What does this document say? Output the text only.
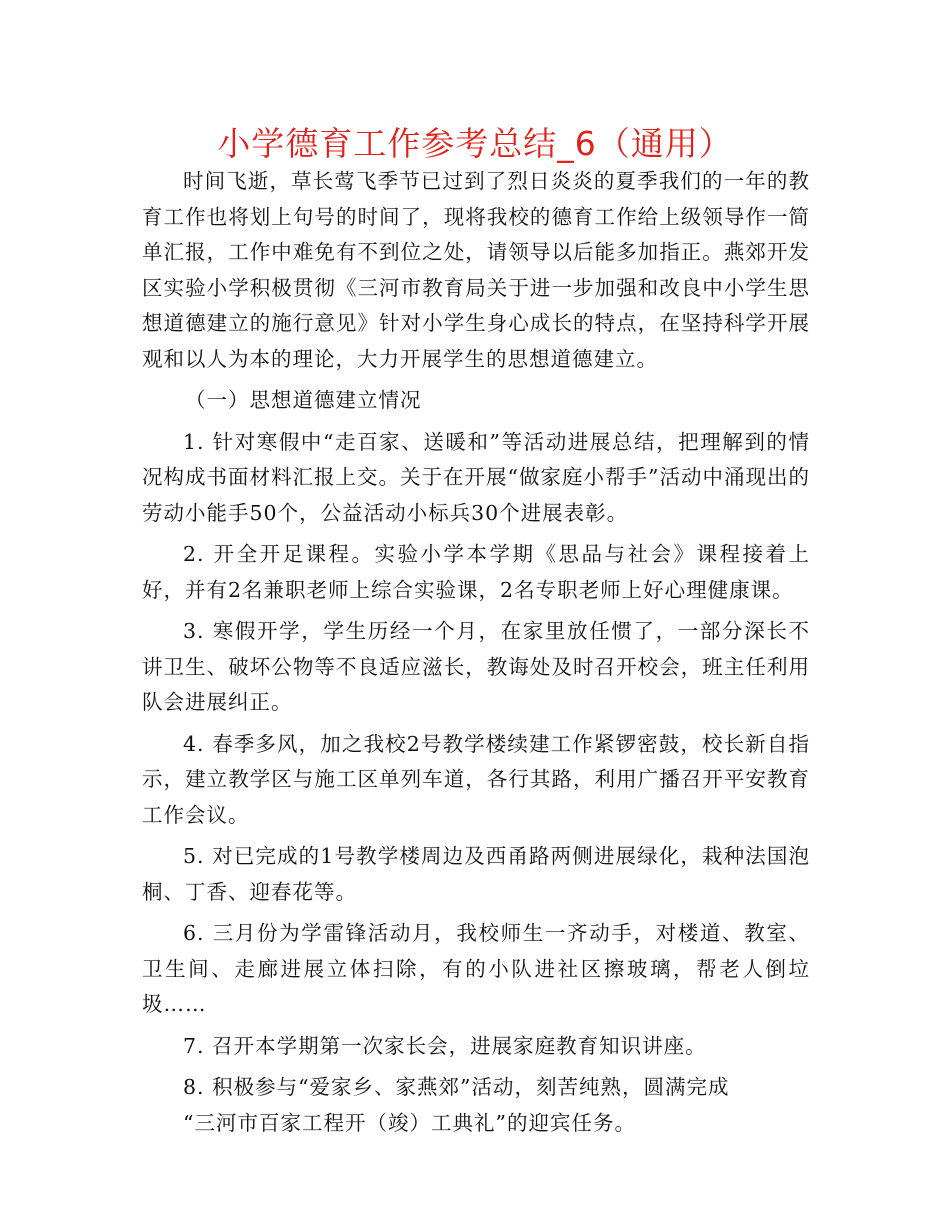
小学德育工作参考总结_6（通用）

时间飞逝，草长莺飞季节已过到了烈日炎炎的夏季我们的一年的教育工作也将划上句号的时间了，现将我校的德育工作给上级领导作一简单汇报，工作中难免有不到位之处，请领导以后能多加指正。燕郊开发区实验小学积极贯彻《三河市教育局关于进一步加强和改良中小学生思想道德建立的施行意见》针对小学生身心成长的特点，在坚持科学开展观和以人为本的理论，大力开展学生的思想道德建立。

（一）思想道德建立情况

1. 针对寒假中“走百家、送暖和”等活动进展总结，把理解到的情况构成书面材料汇报上交。关于在开展“做家庭小帮手”活动中涌现出的劳动小能手50个，公益活动小标兵30个进展表彰。

2. 开全开足课程。实验小学本学期《思品与社会》课程接着上好，并有2名兼职老师上综合实验课，2名专职老师上好心理健康课。

3. 寒假开学，学生历经一个月，在家里放任惯了，一部分深长不讲卫生、破坏公物等不良适应滋长，教诲处及时召开校会，班主任利用队会进展纠正。

4. 春季多风，加之我校2号教学楼续建工作紧锣密鼓，校长新自指示，建立教学区与施工区单列车道，各行其路，利用广播召开平安教育工作会议。

5. 对已完成的1号教学楼周边及西甬路两侧进展绿化，栽种法国泡桐、丁香、迎春花等。

6. 三月份为学雷锋活动月，我校师生一齐动手，对楼道、教室、卫生间、走廊进展立体扫除，有的小队进社区擦玻璃，帮老人倒垃圾……

7. 召开本学期第一次家长会，进展家庭教育知识讲座。

8. 积极参与“爱家乡、家燕郊”活动，刻苦纯熟，圆满完成

“三河市百家工程开（竣）工典礼”的迎宾任务。
